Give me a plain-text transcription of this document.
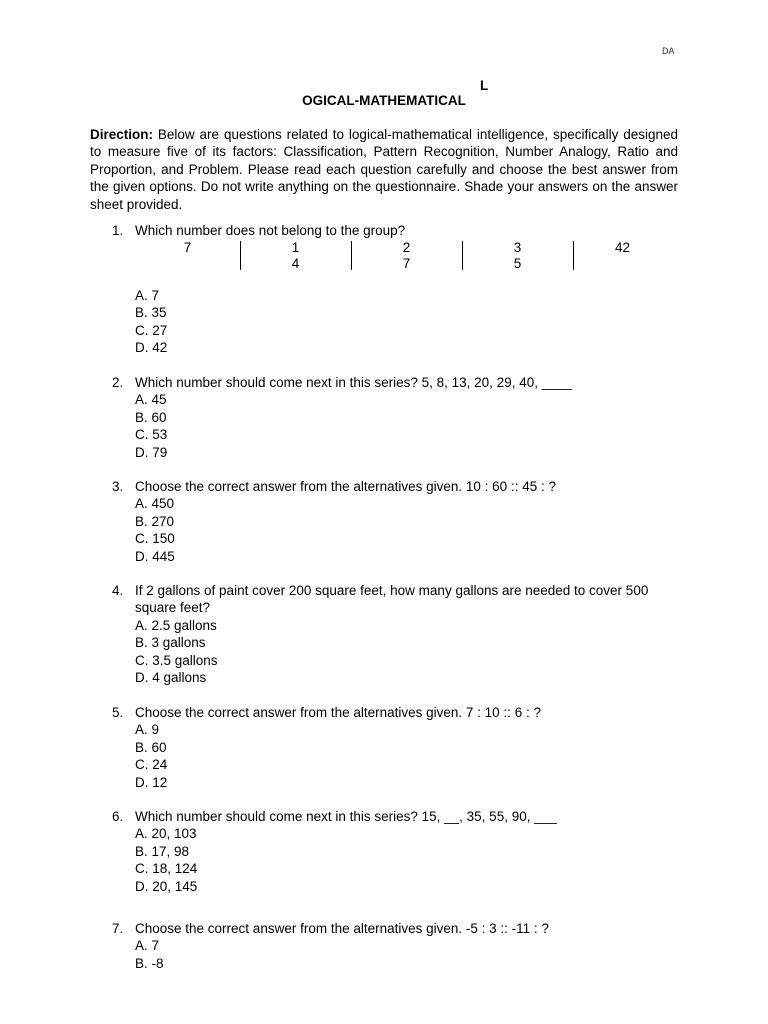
DA
L
OGICAL-MATHEMATICAL

Direction: Below are questions related to logical-mathematical intelligence, specifically designed to measure five of its factors: Classification, Pattern Recognition, Number Analogy, Ratio and Proportion, and Problem. Please read each question carefully and choose the best answer from the given options. Do not write anything on the questionnaire. Shade your answers on the answer sheet provided.

1. Which number does not belong to the group?
7	1
4
2
7
3
5
42
A. 7
B. 35
C. 27
D. 42
2. Which number should come next in this series? 5, 8, 13, 20, 29, 40, ____
A. 45
B. 60
C. 53
D. 79
3. Choose the correct answer from the alternatives given. 10 : 60 :: 45 : ?
A. 450
B. 270
C. 150
D. 445
4. If 2 gallons of paint cover 200 square feet, how many gallons are needed to cover 500 square feet?
A. 2.5 gallons
B. 3 gallons
C. 3.5 gallons
D. 4 gallons
5. Choose the correct answer from the alternatives given. 7 : 10 :: 6 : ?
A. 9
B. 60
C. 24
D. 12
6. Which number should come next in this series? 15, __, 35, 55, 90, ___
A. 20, 103
B. 17, 98
C. 18, 124
D. 20, 145
7. Choose the correct answer from the alternatives given. -5 : 3 :: -11 : ?
A. 7
B. -8
